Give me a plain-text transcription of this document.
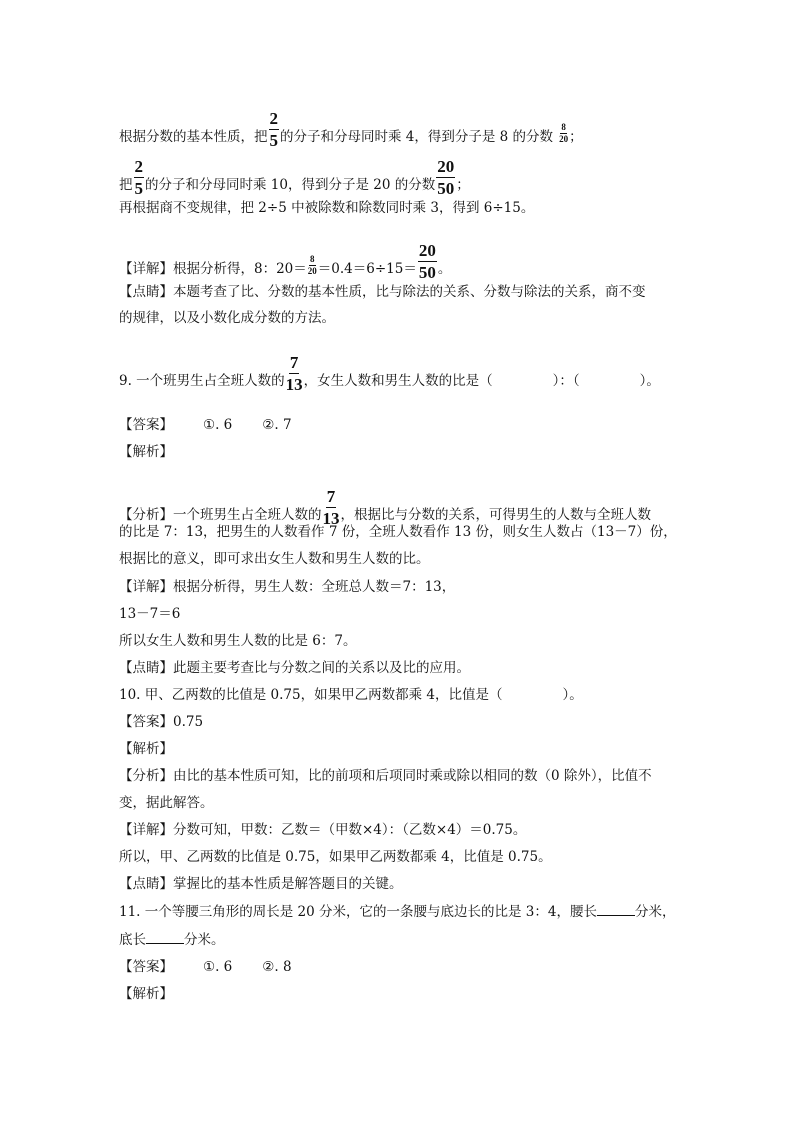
根据分数的基本性质，把 $\frac{2}{5}$ 的分子和分母同时乘 4，得到分子是 8 的分数 $\frac{8}{20}$ ；
把 $\frac{2}{5}$ 的分子和分母同时乘 10，得到分子是 20 的分数 $\frac{20}{50}$ ；
再根据商不变规律，把 2÷5 中被除数和除数同时乘 3，得到 6÷15。
【详解】根据分析得，8：$20= \frac{8}{20} =0.4=6\div 15= \frac{20}{50}$ 。
【点睛】本题考查了比、分数的基本性质，比与除法的关系、分数与除法的关系，商不变
的规律，以及小数化成分数的方法。
9. 一个班男生占全班人数的 $\frac{7}{13}$ ，女生人数和男生人数的比是（	）：（	）。
【答案】 ①. 6 ②. 7
【解析】
【分析】一个班男生占全班人数的 $\frac{7}{13}$ ，根据比与分数的关系，可得男生的人数与全班人数
的比是 7：13，把男生的人数看作 7 份，全班人数看作 13 份，则女生人数占（13－7）份，
根据比的意义，即可求出女生人数和男生人数的比。
【详解】根据分析得，男生人数：全班总人数＝7：13，
13－7＝6
所以女生人数和男生人数的比是 6：7。
【点睛】此题主要考查比与分数之间的关系以及比的应用。
10. 甲、乙两数的比值是 0.75，如果甲乙两数都乘 4，比值是（	）。
【答案】0.75
【解析】
【分析】由比的基本性质可知，比的前项和后项同时乘或除以相同的数（0 除外），比值不
变，据此解答。
【详解】分数可知，甲数：乙数＝（甲数×4）：（乙数×4）＝0.75。
所以，甲、乙两数的比值是 0.75，如果甲乙两数都乘 4，比值是 0.75。
【点睛】掌握比的基本性质是解答题目的关键。
11. 一个等腰三角形的周长是 20 分米，它的一条腰与底边长的比是 3：4，腰长	分米，
底长	分米。
【答案】 ①. 6 ②. 8
【解析】
